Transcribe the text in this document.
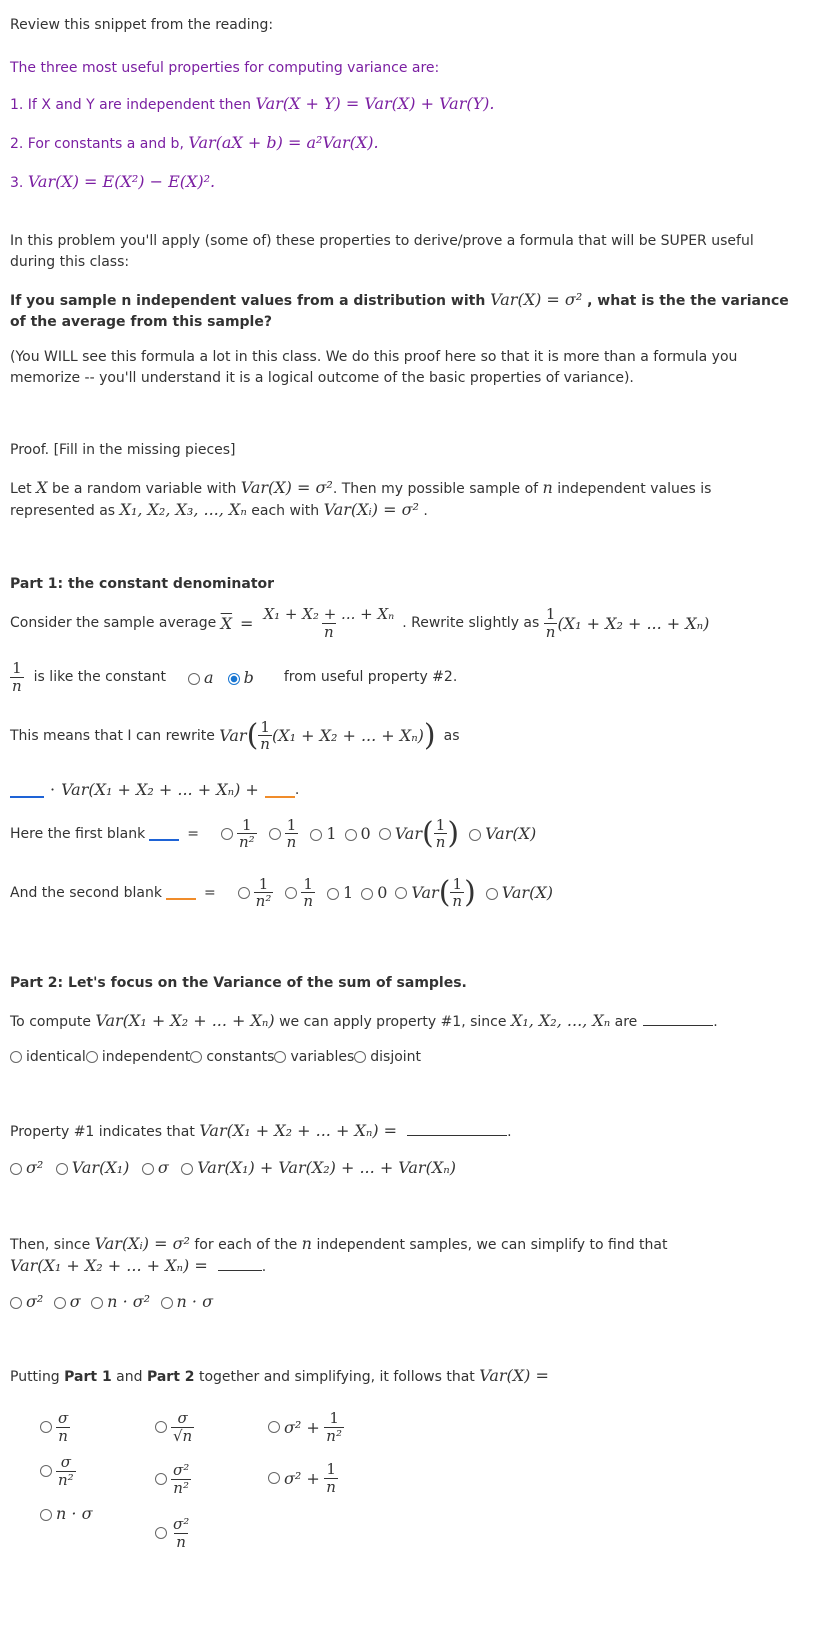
Review this snippet from the reading:
The three most useful properties for computing variance are:
1. If X and Y are independent then Var(X + Y) = Var(X) + Var(Y).
2. For constants a and b, Var(aX + b) = a²Var(X).
3. Var(X) = E(X²) − E(X)².
In this problem you'll apply (some of) these properties to derive/prove a formula that will be SUPER useful
during this class:
If you sample n independent values from a distribution with Var(X) = σ² , what is the the variance
of the average from this sample?
(You WILL see this formula a lot in this class. We do this proof here so that it is more than a formula you
memorize -- you'll understand it is a logical outcome of the basic properties of variance).
Proof. [Fill in the missing pieces]
Let X be a random variable with Var(X) = σ². Then my possible sample of n independent values is
represented as X₁, X₂, X₃, ..., Xₙ each with Var(Xᵢ) = σ² .
Part 1: the constant denominator
Consider the sample average
$\overline{X} = \frac{\text{X₁ + X₂ + ... + Xₙ}}{n}$ . Rewrite slightly as
$\frac{1}{n} (X_1 + X_2$ + ... + Xₙ)
$\frac{1}{n}$ is like the constant	a	b from useful property #2.
This means that I can rewrite
Var ( $\frac{1}{n} (X_1 + X_2$ + ... + Xₙ) ) as
· Var(X₁ + X₂ + ... + Xₙ) +	.
Here the first blank	=	$\frac{1}{\text{n²}} \frac{1}{n}$	1	0 Var ( $\frac{1}{n}$ )	Var(X)
And the second blank	=	$\frac{1}{\text{n²}} \frac{1}{n}$	1	0 Var ( $\frac{1}{n}$ )	Var(X)
Part 2: Let's focus on the Variance of the sum of samples.
To compute
Var(X₁ + X₂ + ... + Xₙ)
we can apply property #1, since
X₁, X₂, ..., Xₙ
are	.
identical independent constants variables disjoint
Property #1 indicates that
Var(X₁ + X₂ + ... + Xₙ) =	.
σ² Var(X₁) σ Var(X₁) + Var(X₂) + ... + Var(Xₙ)
Then, since Var(Xᵢ) = σ² for each of the n independent samples, we can simplify to find that
Var(X₁ + X₂ + ... + Xₙ) =	.
σ² σ n · σ² n · σ
Putting Part 1 and Part 2 together and simplifying, it follows that Var(X) =
$\frac{\sigma}{n}$
$\frac{\sigma}{\text{n²}}$
n · σ
$\frac{\sigma}{√n}$
$\frac{\text{σ²}}{\text{n²}}$
$\frac{\text{σ²}}{n}$
σ² +
$\frac{1}{\text{n²}}$
σ² +
$\frac{1}{n}$
